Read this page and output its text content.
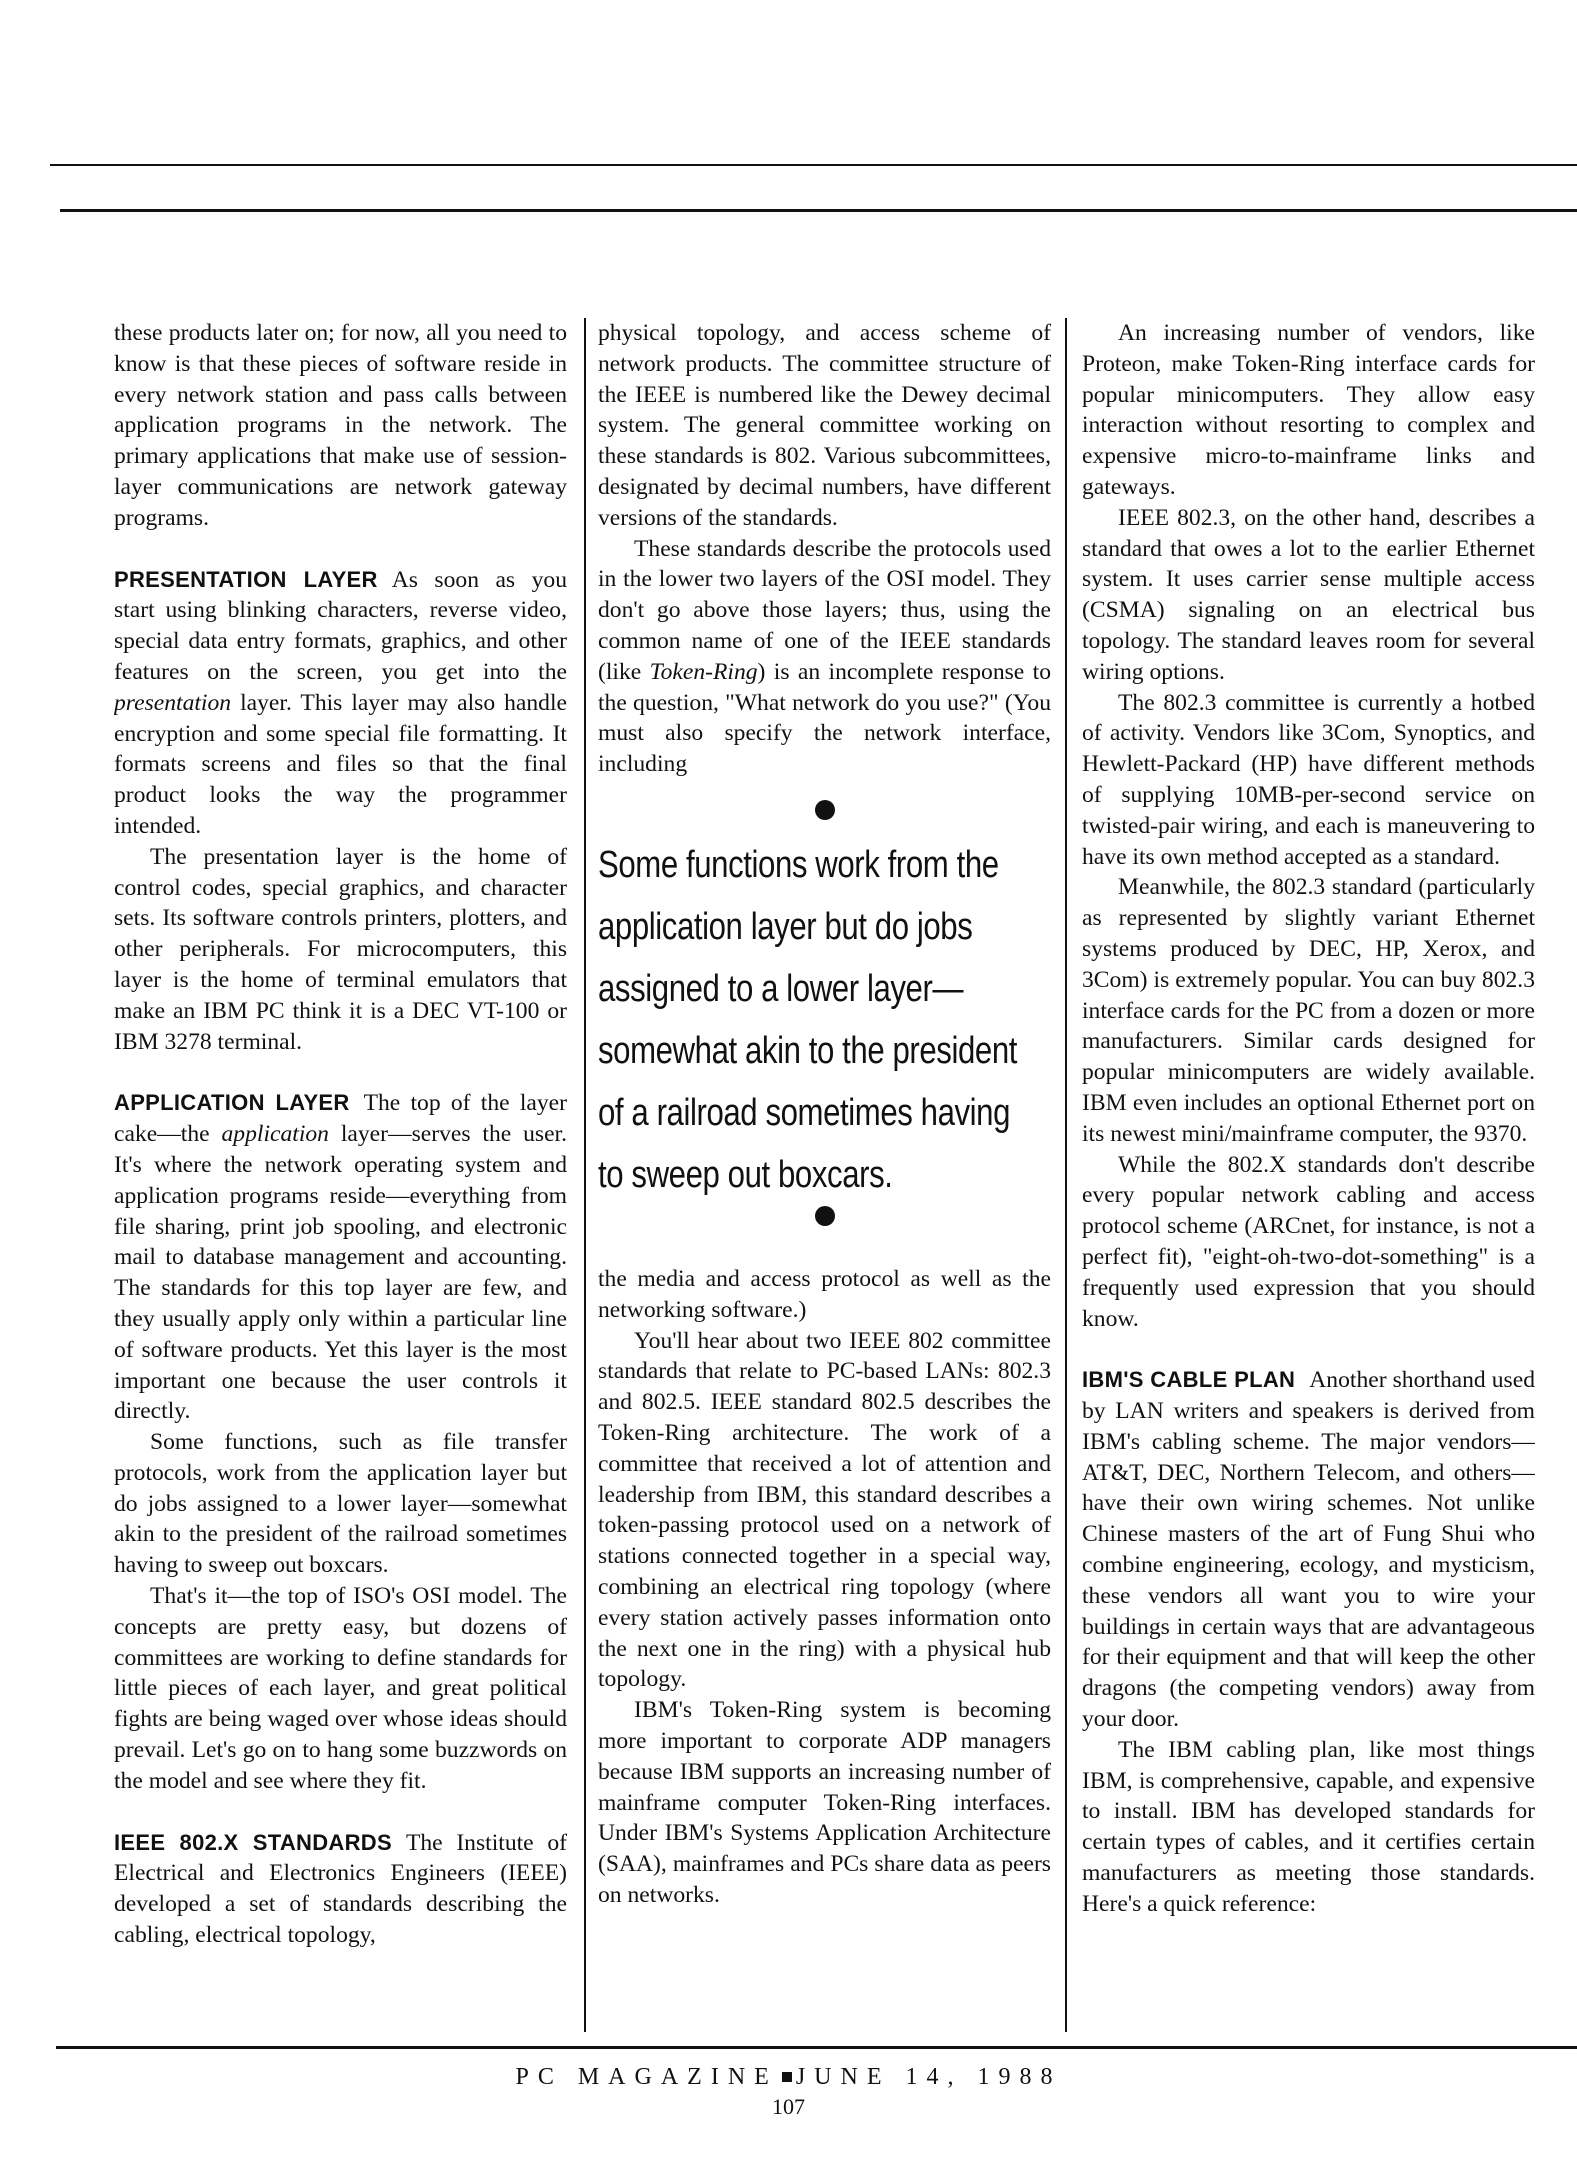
these products later on; for now, all you need to know is that these pieces of software reside in every network station and pass calls between application programs in the network. The primary applications that make use of session-layer communications are network gateway programs.

PRESENTATION LAYER As soon as you start using blinking characters, reverse video, special data entry formats, graphics, and other features on the screen, you get into the presentation layer. This layer may also handle encryption and some special file formatting. It formats screens and files so that the final product looks the way the programmer intended.

The presentation layer is the home of control codes, special graphics, and character sets. Its software controls printers, plotters, and other peripherals. For microcomputers, this layer is the home of terminal emulators that make an IBM PC think it is a DEC VT-100 or IBM 3278 terminal.

APPLICATION LAYER The top of the layer cake—the application layer—serves the user. It's where the network operating system and application programs reside—everything from file sharing, print job spooling, and electronic mail to database management and accounting. The standards for this top layer are few, and they usually apply only within a particular line of software products. Yet this layer is the most important one because the user controls it directly.

Some functions, such as file transfer protocols, work from the application layer but do jobs assigned to a lower layer—somewhat akin to the president of the railroad sometimes having to sweep out boxcars.

That's it—the top of ISO's OSI model. The concepts are pretty easy, but dozens of committees are working to define standards for little pieces of each layer, and great political fights are being waged over whose ideas should prevail. Let's go on to hang some buzzwords on the model and see where they fit.

IEEE 802.X STANDARDS The Institute of Electrical and Electronics Engineers (IEEE) developed a set of standards describing the cabling, electrical topology,

physical topology, and access scheme of network products. The committee structure of the IEEE is numbered like the Dewey decimal system. The general committee working on these standards is 802. Various subcommittees, designated by decimal numbers, have different versions of the standards.

These standards describe the protocols used in the lower two layers of the OSI model. They don't go above those layers; thus, using the common name of one of the IEEE standards (like Token-Ring) is an incomplete response to the question, "What network do you use?" (You must also specify the network interface, including

Some functions work from the application layer but do jobs assigned to a lower layer—somewhat akin to the president of a railroad sometimes having to sweep out boxcars.

the media and access protocol as well as the networking software.)

You'll hear about two IEEE 802 committee standards that relate to PC-based LANs: 802.3 and 802.5. IEEE standard 802.5 describes the Token-Ring architecture. The work of a committee that received a lot of attention and leadership from IBM, this standard describes a token-passing protocol used on a network of stations connected together in a special way, combining an electrical ring topology (where every station actively passes information onto the next one in the ring) with a physical hub topology.

IBM's Token-Ring system is becoming more important to corporate ADP managers because IBM supports an increasing number of mainframe computer Token-Ring interfaces. Under IBM's Systems Application Architecture (SAA), mainframes and PCs share data as peers on networks.

An increasing number of vendors, like Proteon, make Token-Ring interface cards for popular minicomputers. They allow easy interaction without resorting to complex and expensive micro-to-mainframe links and gateways.

IEEE 802.3, on the other hand, describes a standard that owes a lot to the earlier Ethernet system. It uses carrier sense multiple access (CSMA) signaling on an electrical bus topology. The standard leaves room for several wiring options.

The 802.3 committee is currently a hotbed of activity. Vendors like 3Com, Synoptics, and Hewlett-Packard (HP) have different methods of supplying 10MB-per-second service on twisted-pair wiring, and each is maneuvering to have its own method accepted as a standard.

Meanwhile, the 802.3 standard (particularly as represented by slightly variant Ethernet systems produced by DEC, HP, Xerox, and 3Com) is extremely popular. You can buy 802.3 interface cards for the PC from a dozen or more manufacturers. Similar cards designed for popular minicomputers are widely available. IBM even includes an optional Ethernet port on its newest mini/mainframe computer, the 9370.

While the 802.X standards don't describe every popular network cabling and access protocol scheme (ARCnet, for instance, is not a perfect fit), "eight-oh-two-dot-something" is a frequently used expression that you should know.

IBM'S CABLE PLAN Another shorthand used by LAN writers and speakers is derived from IBM's cabling scheme. The major vendors—AT&T, DEC, Northern Telecom, and others—have their own wiring schemes. Not unlike Chinese masters of the art of Fung Shui who combine engineering, ecology, and mysticism, these vendors all want you to wire your buildings in certain ways that are advantageous for their equipment and that will keep the other dragons (the competing vendors) away from your door.

The IBM cabling plan, like most things IBM, is comprehensive, capable, and expensive to install. IBM has developed standards for certain types of cables, and it certifies certain manufacturers as meeting those standards. Here's a quick reference:

PC MAGAZINE JUNE 14, 1988
107
